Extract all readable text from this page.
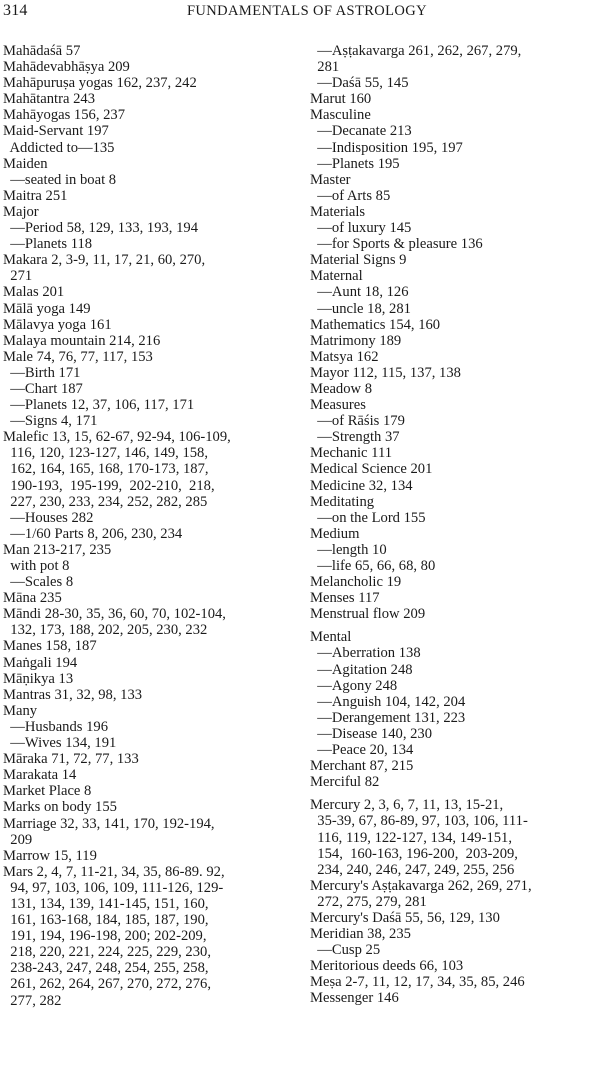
314	FUNDAMENTALS OF ASTROLOGY
Mahādaśā 57
Mahādevabhāṣya 209
Mahāpuruṣa yogas 162, 237, 242
Mahātantra 243
Mahāyogas 156, 237
Maid-Servant 197
Addicted to—135
Maiden
—seated in boat 8
Maitra 251
Major
—Period 58, 129, 133, 193, 194
—Planets 118
Makara 2, 3-9, 11, 17, 21, 60, 270,
271
Malas 201
Mālā yoga 149
Mālavya yoga 161
Malaya mountain 214, 216
Male 74, 76, 77, 117, 153
—Birth 171
—Chart 187
—Planets 12, 37, 106, 117, 171
—Signs 4, 171
Malefic 13, 15, 62-67, 92-94, 106-109,
116, 120, 123-127, 146, 149, 158,
162, 164, 165, 168, 170-173, 187,
190-193,  195-199,  202-210,  218,
227, 230, 233, 234, 252, 282, 285
—Houses 282
—1/60 Parts 8, 206, 230, 234
Man 213-217, 235
with pot 8
—Scales 8
Māna 235
Māndi 28-30, 35, 36, 60, 70, 102-104,
132, 173, 188, 202, 205, 230, 232
Manes 158, 187
Maṅgali 194
Māṇikya 13
Mantras 31, 32, 98, 133
Many
—Husbands 196
—Wives 134, 191
Māraka 71, 72, 77, 133
Marakata 14
Market Place 8
Marks on body 155
Marriage 32, 33, 141, 170, 192-194,
209
Marrow 15, 119
Mars 2, 4, 7, 11-21, 34, 35, 86-89. 92,
94, 97, 103, 106, 109, 111-126, 129-
131, 134, 139, 141-145, 151, 160,
161, 163-168, 184, 185, 187, 190,
191, 194, 196-198, 200; 202-209,
218, 220, 221, 224, 225, 229, 230,
238-243, 247, 248, 254, 255, 258,
261, 262, 264, 267, 270, 272, 276,
277, 282
—Aṣṭakavarga 261, 262, 267, 279,
281
—Daśā 55, 145
Marut 160
Masculine
—Decanate 213
—Indisposition 195, 197
—Planets 195
Master
—of Arts 85
Materials
—of luxury 145
—for Sports & pleasure 136
Material Signs 9
Maternal
—Aunt 18, 126
—uncle 18, 281
Mathematics 154, 160
Matrimony 189
Matsya 162
Mayor 112, 115, 137, 138
Meadow 8
Measures
—of Rāśis 179
—Strength 37
Mechanic 111
Medical Science 201
Medicine 32, 134
Meditating
—on the Lord 155
Medium
—length 10
—life 65, 66, 68, 80
Melancholic 19
Menses 117
Menstrual flow 209
Mental
—Aberration 138
—Agitation 248
—Agony 248
—Anguish 104, 142, 204
—Derangement 131, 223
—Disease 140, 230
—Peace 20, 134
Merchant 87, 215
Merciful 82
Mercury 2, 3, 6, 7, 11, 13, 15-21,
35-39, 67, 86-89, 97, 103, 106, 111-
116, 119, 122-127, 134, 149-151,
154,  160-163, 196-200,  203-209,
234, 240, 246, 247, 249, 255, 256
Mercury's Aṣṭakavarga 262, 269, 271,
272, 275, 279, 281
Mercury's Daśā 55, 56, 129, 130
Meridian 38, 235
—Cusp 25
Meritorious deeds 66, 103
Meṣa 2-7, 11, 12, 17, 34, 35, 85, 246
Messenger 146
